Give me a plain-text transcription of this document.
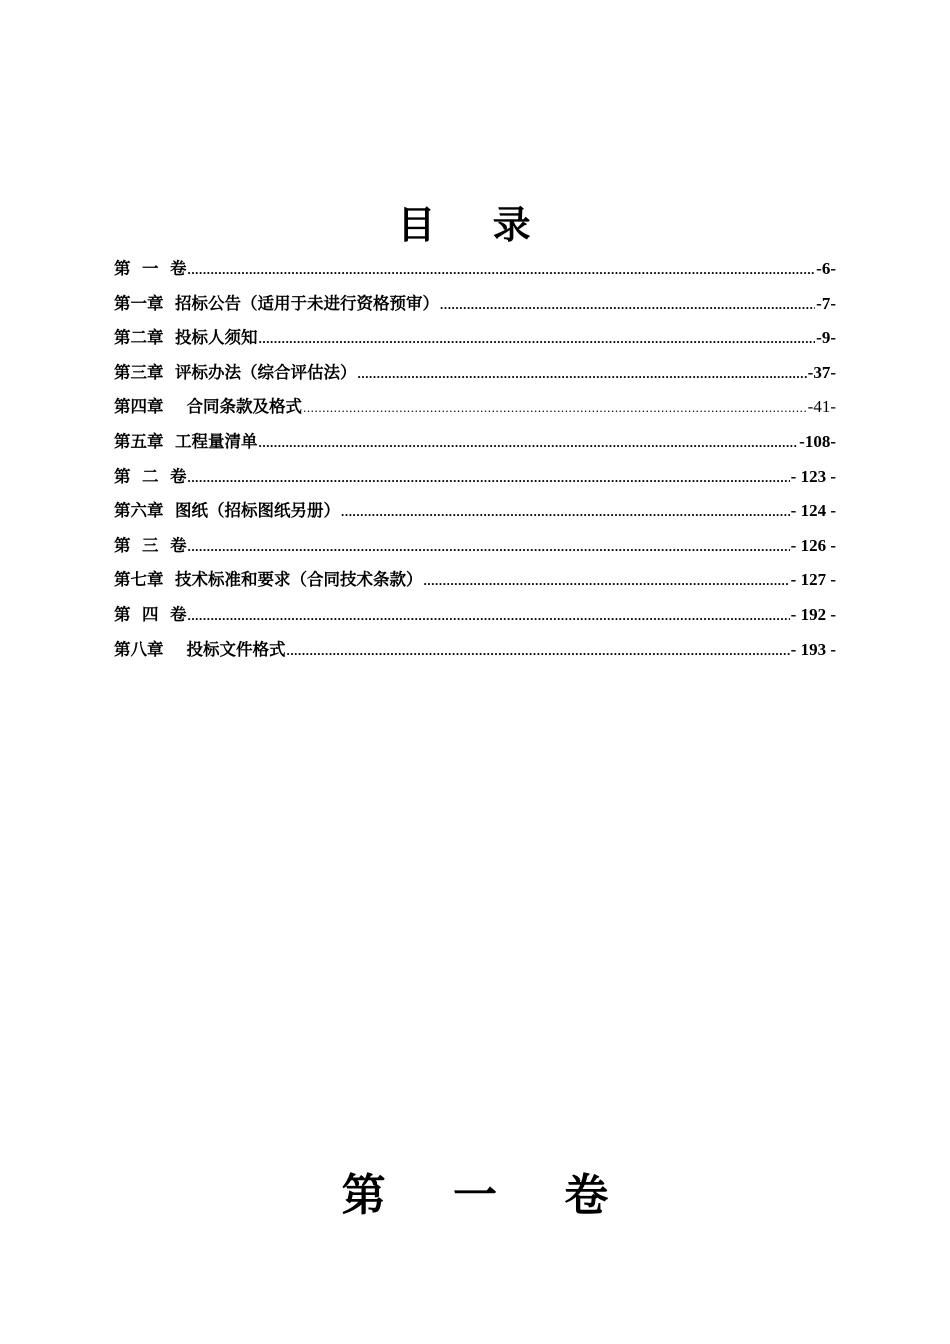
目 录
第  一  卷 .....	-6-
第一章  招标公告（适用于未进行资格预审） .....	-7-
第二章  投标人须知 .....	-9-
第三章  评标办法（综合评估法） .....	-37-
第四章    合同条款及格式 .....	-41-
第五章  工程量清单 .....	-108-
第  二  卷 .....	- 123 -
第六章  图纸（招标图纸另册） .....	- 124 -
第  三  卷 .....	- 126 -
第七章  技术标准和要求（合同技术条款） .....	- 127 -
第  四  卷 .....	- 192 -
第八章    投标文件格式 .....	- 193 -
第 一 卷
